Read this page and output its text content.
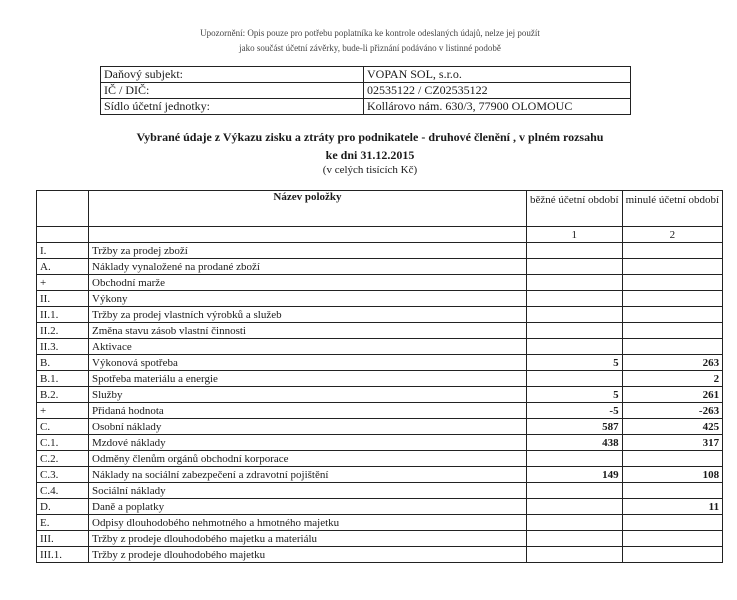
Upozornění: Opis pouze pro potřebu poplatníka ke kontrole odeslaných údajů, nelze jej použít
jako součást účetní závěrky, bude-li přiznání podáváno v listinné podobě
Daňový subjekt:	VOPAN SOL, s.r.o.
IČ / DIČ:	02535122 / CZ02535122
Sídlo účetní jednotky:	Kollárovo nám. 630/3, 77900 OLOMOUC
Vybrané údaje z Výkazu zisku a ztráty pro podnikatele - druhové členění , v plném rozsahu
ke dni 31.12.2015
(v celých tisících Kč)
	Název položky	běžné účetní období	minulé účetní období
		1	2
I.	Tržby za prodej zboží		
A.	Náklady vynaložené na prodané zboží		
+	Obchodní marže		
II.	Výkony		
II.1.	Tržby za prodej vlastních výrobků a služeb		
II.2.	Změna stavu zásob vlastní činnosti		
II.3.	Aktivace		
B.	Výkonová spotřeba	5	263
B.1.	Spotřeba materiálu a energie		2
B.2.	Služby	5	261
+	Přidaná hodnota	-5	-263
C.	Osobní náklady	587	425
C.1.	Mzdové náklady	438	317
C.2.	Odměny členům orgánů obchodní korporace		
C.3.	Náklady na sociální zabezpečení a zdravotní pojištění	149	108
C.4.	Sociální náklady		
D.	Daně a poplatky		11
E.	Odpisy dlouhodobého nehmotného a hmotného majetku		
III.	Tržby z prodeje dlouhodobého majetku a materiálu		
III.1.	Tržby z prodeje dlouhodobého majetku		
